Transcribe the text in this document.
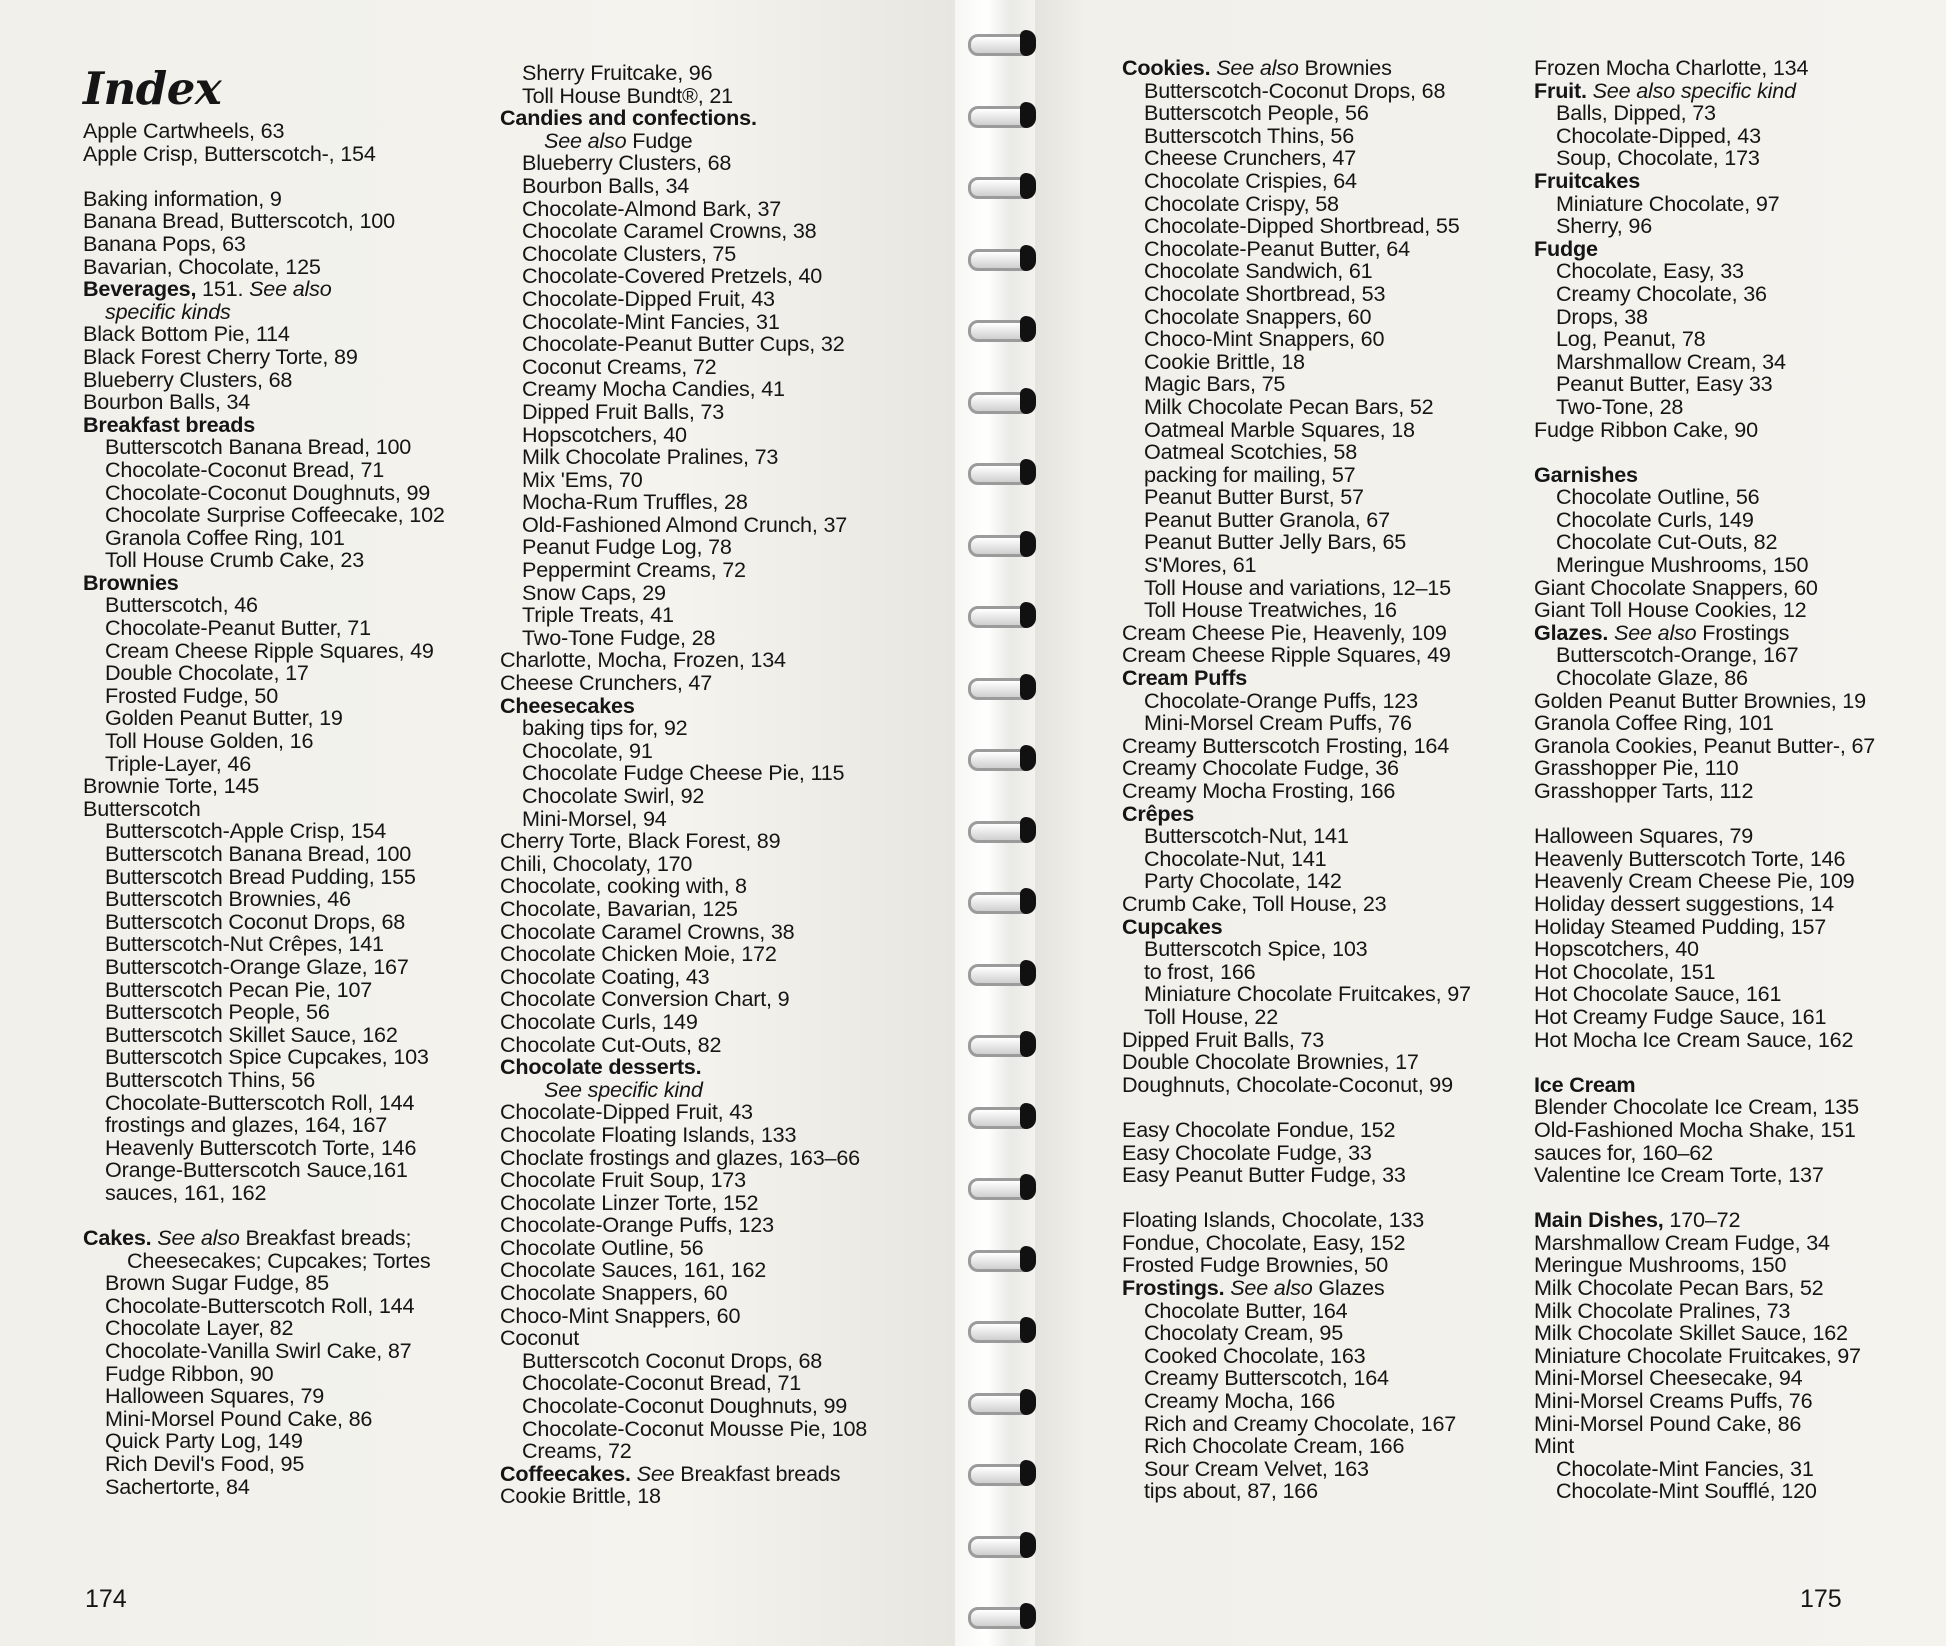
Index
Apple Cartwheels, 63
Apple Crisp, Butterscotch-, 154
Baking information, 9
Banana Bread, Butterscotch, 100
Banana Pops, 63
Bavarian, Chocolate, 125
Beverages, 151. See also
specific kinds
Black Bottom Pie, 114
Black Forest Cherry Torte, 89
Blueberry Clusters, 68
Bourbon Balls, 34
Breakfast breads
Butterscotch Banana Bread, 100
Chocolate-Coconut Bread, 71
Chocolate-Coconut Doughnuts, 99
Chocolate Surprise Coffeecake, 102
Granola Coffee Ring, 101
Toll House Crumb Cake, 23
Brownies
Butterscotch, 46
Chocolate-Peanut Butter, 71
Cream Cheese Ripple Squares, 49
Double Chocolate, 17
Frosted Fudge, 50
Golden Peanut Butter, 19
Toll House Golden, 16
Triple-Layer, 46
Brownie Torte, 145
Butterscotch
Butterscotch-Apple Crisp, 154
Butterscotch Banana Bread, 100
Butterscotch Bread Pudding, 155
Butterscotch Brownies, 46
Butterscotch Coconut Drops, 68
Butterscotch-Nut Crêpes, 141
Butterscotch-Orange Glaze, 167
Butterscotch Pecan Pie, 107
Butterscotch People, 56
Butterscotch Skillet Sauce, 162
Butterscotch Spice Cupcakes, 103
Butterscotch Thins, 56
Chocolate-Butterscotch Roll, 144
frostings and glazes, 164, 167
Heavenly Butterscotch Torte, 146
Orange-Butterscotch Sauce,161
sauces, 161, 162
Cakes. See also Breakfast breads;
Cheesecakes; Cupcakes; Tortes
Brown Sugar Fudge, 85
Chocolate-Butterscotch Roll, 144
Chocolate Layer, 82
Chocolate-Vanilla Swirl Cake, 87
Fudge Ribbon, 90
Halloween Squares, 79
Mini-Morsel Pound Cake, 86
Quick Party Log, 149
Rich Devil's Food, 95
Sachertorte, 84
Sherry Fruitcake, 96
Toll House Bundt®, 21
Candies and confections.
See also Fudge
Blueberry Clusters, 68
Bourbon Balls, 34
Chocolate-Almond Bark, 37
Chocolate Caramel Crowns, 38
Chocolate Clusters, 75
Chocolate-Covered Pretzels, 40
Chocolate-Dipped Fruit, 43
Chocolate-Mint Fancies, 31
Chocolate-Peanut Butter Cups, 32
Coconut Creams, 72
Creamy Mocha Candies, 41
Dipped Fruit Balls, 73
Hopscotchers, 40
Milk Chocolate Pralines, 73
Mix 'Ems, 70
Mocha-Rum Truffles, 28
Old-Fashioned Almond Crunch, 37
Peanut Fudge Log, 78
Peppermint Creams, 72
Snow Caps, 29
Triple Treats, 41
Two-Tone Fudge, 28
Charlotte, Mocha, Frozen, 134
Cheese Crunchers, 47
Cheesecakes
baking tips for, 92
Chocolate, 91
Chocolate Fudge Cheese Pie, 115
Chocolate Swirl, 92
Mini-Morsel, 94
Cherry Torte, Black Forest, 89
Chili, Chocolaty, 170
Chocolate, cooking with, 8
Chocolate, Bavarian, 125
Chocolate Caramel Crowns, 38
Chocolate Chicken Moie, 172
Chocolate Coating, 43
Chocolate Conversion Chart, 9
Chocolate Curls, 149
Chocolate Cut-Outs, 82
Chocolate desserts.
See specific kind
Chocolate-Dipped Fruit, 43
Chocolate Floating Islands, 133
Choclate frostings and glazes, 163–66
Chocolate Fruit Soup, 173
Chocolate Linzer Torte, 152
Chocolate-Orange Puffs, 123
Chocolate Outline, 56
Chocolate Sauces, 161, 162
Chocolate Snappers, 60
Choco-Mint Snappers, 60
Coconut
Butterscotch Coconut Drops, 68
Chocolate-Coconut Bread, 71
Chocolate-Coconut Doughnuts, 99
Chocolate-Coconut Mousse Pie, 108
Creams, 72
Coffeecakes. See Breakfast breads
Cookie Brittle, 18
Cookies. See also Brownies
Butterscotch-Coconut Drops, 68
Butterscotch People, 56
Butterscotch Thins, 56
Cheese Crunchers, 47
Chocolate Crispies, 64
Chocolate Crispy, 58
Chocolate-Dipped Shortbread, 55
Chocolate-Peanut Butter, 64
Chocolate Sandwich, 61
Chocolate Shortbread, 53
Chocolate Snappers, 60
Choco-Mint Snappers, 60
Cookie Brittle, 18
Magic Bars, 75
Milk Chocolate Pecan Bars, 52
Oatmeal Marble Squares, 18
Oatmeal Scotchies, 58
packing for mailing, 57
Peanut Butter Burst, 57
Peanut Butter Granola, 67
Peanut Butter Jelly Bars, 65
S'Mores, 61
Toll House and variations, 12–15
Toll House Treatwiches, 16
Cream Cheese Pie, Heavenly, 109
Cream Cheese Ripple Squares, 49
Cream Puffs
Chocolate-Orange Puffs, 123
Mini-Morsel Cream Puffs, 76
Creamy Butterscotch Frosting, 164
Creamy Chocolate Fudge, 36
Creamy Mocha Frosting, 166
Crêpes
Butterscotch-Nut, 141
Chocolate-Nut, 141
Party Chocolate, 142
Crumb Cake, Toll House, 23
Cupcakes
Butterscotch Spice, 103
to frost, 166
Miniature Chocolate Fruitcakes, 97
Toll House, 22
Dipped Fruit Balls, 73
Double Chocolate Brownies, 17
Doughnuts, Chocolate-Coconut, 99
Easy Chocolate Fondue, 152
Easy Chocolate Fudge, 33
Easy Peanut Butter Fudge, 33
Floating Islands, Chocolate, 133
Fondue, Chocolate, Easy, 152
Frosted Fudge Brownies, 50
Frostings. See also Glazes
Chocolate Butter, 164
Chocolaty Cream, 95
Cooked Chocolate, 163
Creamy Butterscotch, 164
Creamy Mocha, 166
Rich and Creamy Chocolate, 167
Rich Chocolate Cream, 166
Sour Cream Velvet, 163
tips about, 87, 166
Frozen Mocha Charlotte, 134
Fruit. See also specific kind
Balls, Dipped, 73
Chocolate-Dipped, 43
Soup, Chocolate, 173
Fruitcakes
Miniature Chocolate, 97
Sherry, 96
Fudge
Chocolate, Easy, 33
Creamy Chocolate, 36
Drops, 38
Log, Peanut, 78
Marshmallow Cream, 34
Peanut Butter, Easy 33
Two-Tone, 28
Fudge Ribbon Cake, 90
Garnishes
Chocolate Outline, 56
Chocolate Curls, 149
Chocolate Cut-Outs, 82
Meringue Mushrooms, 150
Giant Chocolate Snappers, 60
Giant Toll House Cookies, 12
Glazes. See also Frostings
Butterscotch-Orange, 167
Chocolate Glaze, 86
Golden Peanut Butter Brownies, 19
Granola Coffee Ring, 101
Granola Cookies, Peanut Butter-, 67
Grasshopper Pie, 110
Grasshopper Tarts, 112
Halloween Squares, 79
Heavenly Butterscotch Torte, 146
Heavenly Cream Cheese Pie, 109
Holiday dessert suggestions, 14
Holiday Steamed Pudding, 157
Hopscotchers, 40
Hot Chocolate, 151
Hot Chocolate Sauce, 161
Hot Creamy Fudge Sauce, 161
Hot Mocha Ice Cream Sauce, 162
Ice Cream
Blender Chocolate Ice Cream, 135
Old-Fashioned Mocha Shake, 151
sauces for, 160–62
Valentine Ice Cream Torte, 137
Main Dishes, 170–72
Marshmallow Cream Fudge, 34
Meringue Mushrooms, 150
Milk Chocolate Pecan Bars, 52
Milk Chocolate Pralines, 73
Milk Chocolate Skillet Sauce, 162
Miniature Chocolate Fruitcakes, 97
Mini-Morsel Cheesecake, 94
Mini-Morsel Creams Puffs, 76
Mini-Morsel Pound Cake, 86
Mint
Chocolate-Mint Fancies, 31
Chocolate-Mint Soufflé, 120
174	175
